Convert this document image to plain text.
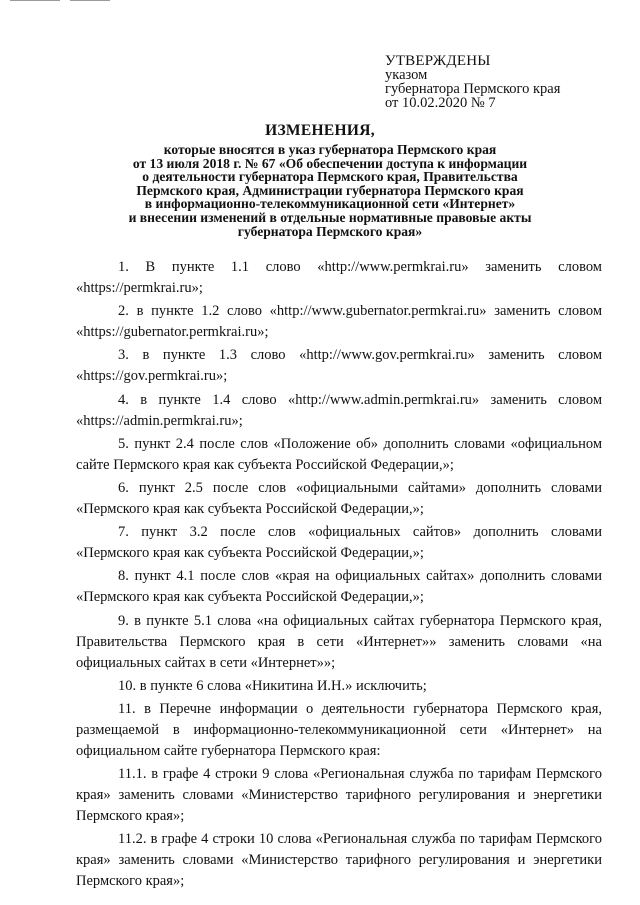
УТВЕРЖДЕНЫ
указом
губернатора Пермского края
от 10.02.2020 № 7
ИЗМЕНЕНИЯ,
которые вносятся в указ губернатора Пермского края
от 13 июля 2018 г. № 67 «Об обеспечении доступа к информации
о деятельности губернатора Пермского края, Правительства
Пермского края, Администрации губернатора Пермского края
в информационно-телекоммуникационной сети «Интернет»
и внесении изменений в отдельные нормативные правовые акты
губернатора Пермского края»

1. В пункте 1.1 слово «http://www.permkrai.ru» заменить словом «https://permkrai.ru»;

2. в пункте 1.2 слово «http://www.gubernator.permkrai.ru» заменить словом «https://gubernator.permkrai.ru»;

3. в пункте 1.3 слово «http://www.gov.permkrai.ru» заменить словом «https://gov.permkrai.ru»;

4. в пункте 1.4 слово «http://www.admin.permkrai.ru» заменить словом «https://admin.permkrai.ru»;

5. пункт 2.4 после слов «Положение об» дополнить словами «официальном сайте Пермского края как субъекта Российской Федерации,»;

6. пункт 2.5 после слов «официальными сайтами» дополнить словами «Пермского края как субъекта Российской Федерации,»;

7. пункт 3.2 после слов «официальных сайтов» дополнить словами «Пермского края как субъекта Российской Федерации,»;

8. пункт 4.1 после слов «края на официальных сайтах» дополнить словами «Пермского края как субъекта Российской Федерации,»;

9. в пункте 5.1 слова «на официальных сайтах губернатора Пермского края, Правительства Пермского края в сети «Интернет»» заменить словами «на официальных сайтах в сети «Интернет»»;

10. в пункте 6 слова «Никитина И.Н.» исключить;

11. в Перечне информации о деятельности губернатора Пермского края, размещаемой в информационно-телекоммуникационной сети «Интернет» на официальном сайте губернатора Пермского края:

11.1. в графе 4 строки 9 слова «Региональная служба по тарифам Пермского края» заменить словами «Министерство тарифного регулирования и энергетики Пермского края»;

11.2. в графе 4 строки 10 слова «Региональная служба по тарифам Пермского края» заменить словами «Министерство тарифного регулирования и энергетики Пермского края»;
